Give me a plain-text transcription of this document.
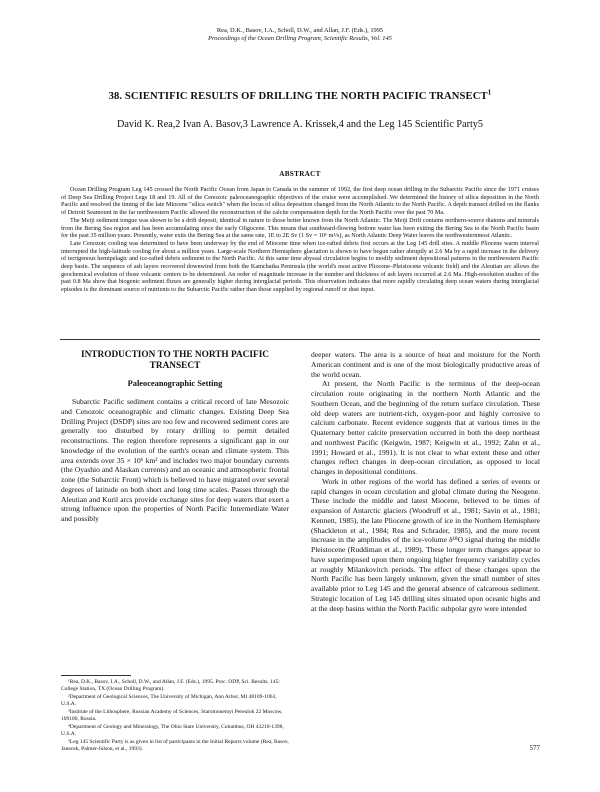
Rea, D.K., Basov, I.A., Scholl, D.W., and Allan, J.F. (Eds.), 1995
Proceedings of the Ocean Drilling Program, Scientific Results, Vol. 145
38. SCIENTIFIC RESULTS OF DRILLING THE NORTH PACIFIC TRANSECT$^1$
David K. Rea,2 Ivan A. Basov,3 Lawrence A. Krissek,4 and the Leg 145 Scientific Party5
ABSTRACT

Ocean Drilling Program Leg 145 crossed the North Pacific Ocean from Japan to Canada in the summer of 1992, the first deep ocean drilling in the Subarctic Pacific since the 1971 cruises of Deep Sea Drilling Project Legs 18 and 19. All of the Cenozoic paleoceanographic objectives of the cruise were accomplished. We determined the history of silica deposition in the North Pacific and resolved the timing of the late Miocene "silica switch" when the locus of silica deposition changed from the North Atlantic to the North Pacific. A depth transect drilled on the flanks of Detroit Seamount in the far northwestern Pacific allowed the reconstruction of the calcite compensation depth for the North Pacific over the past 70 Ma.

The Meiji sediment tongue was shown to be a drift deposit, identical in nature to those better known from the North Atlantic. The Meiji Drift contains northern-source diatoms and minerals from the Bering Sea region and has been accumulating since the early Oligocene. This means that southward-flowing bottom water has been exiting the Bering Sea to the North Pacific basin for the past 35 million years. Presently, water exits the Bering Sea at the same rate, 1E to 2E Sv (1 Sv = 10⁶ m³/s), as North Atlantic Deep Water leaves the northwesternmost Atlantic.

Late Cenozoic cooling was determined to have been underway by the end of Miocene time when ice-rafted debris first occurs at the Leg 145 drill sites. A middle Pliocene warm interval interrupted the high-latitude cooling for about a million years. Large-scale Northern Hemisphere glaciation is shown to have begun rather abruptly at 2.6 Ma by a rapid increase in the delivery of terrigenous hemipelagic and ice-rafted debris sediment to the North Pacific. At this same time abyssal circulation begins to modify sediment depositional patterns in the northwestern Pacific deep basin. The sequence of ash layers recovered downwind from both the Kamchatka Peninsula (the world's most active Pliocene–Pleistocene volcanic field) and the Aleutian arc allows the geochemical evolution of those volcanic centers to be determined. An order of magnitude increase in the number and thickness of ash layers occurred at 2.6 Ma. High-resolution studies of the past 0.8 Ma show that biogenic sediment fluxes are generally higher during interglacial periods. This observation indicates that more rapidly circulating deep ocean waters during interglacial episodes is the dominant source of nutrients to the Subarctic Pacific rather than those supplied by regional runoff or dust input.

INTRODUCTION TO THE NORTH PACIFIC TRANSECT
Paleoceanographic Setting

Subarctic Pacific sediment contains a critical record of late Mesozoic and Cenozoic oceanographic and climatic changes. Existing Deep Sea Drilling Project (DSDP) sites are too few and recovered sediment cores are generally too disturbed by rotary drilling to permit detailed reconstructions. The region therefore represents a significant gap in our knowledge of the evolution of the earth's ocean and climate system. This area extends over 35 × 10⁶ km² and includes two major boundary currents (the Oyashio and Alaskan currents) and an oceanic and atmospheric frontal zone (the Subarctic Front) which is believed to have migrated over several degrees of latitude on both short and long time scales. Passes through the Aleutian and Kuril arcs provide exchange sites for deep waters that exert a strong influence upon the properties of North Pacific Intermediate Water and possibly

deeper waters. The area is a source of heat and moisture for the North American continent and is one of the most biologically productive areas of the world ocean.

At present, the North Pacific is the terminus of the deep-ocean circulation route originating in the northern North Atlantic and the Southern Ocean, and the beginning of the return surface circulation. These old deep waters are nutrient-rich, oxygen-poor and highly corrosive to calcium carbonate. Recent evidence suggests that at various times in the Quaternary better calcite preservation occurred in both the deep northeast and northwest Pacific (Keigwin, 1987; Keigwin et al., 1992; Zahn et al., 1991; Howard et al., 1991). It is not clear to what extent these and other changes reflect changes in deep-ocean circulation, as opposed to local changes in depositional conditions.

Work in other regions of the world has defined a series of events or rapid changes in ocean circulation and global climate during the Neogene. These include the middle and latest Miocene, believed to be times of expansion of Antarctic glaciers (Woodruff et al., 1981; Savin et al., 1981; Kennett, 1985), the late Pliocene growth of ice in the Northern Hemisphere (Shackleton et al., 1984; Rea and Schrader, 1985), and the more recent increase in the amplitudes of the ice-volume δ¹⁸O signal during the middle Pleistocene (Ruddiman et al., 1989). These longer term changes appear to have superimposed upon them ongoing higher frequency variability cycles at roughly Milankovitch periods. The effect of these changes upon the North Pacific has been largely unknown, given the small number of sites available prior to Leg 145 and the general absence of calcareous sediment. Strategic location of Leg 145 drilling sites situated upon oceanic highs and at the deep basins within the North Pacific subpolar gyre were intended

¹Rea, D.K., Basov, I.A., Scholl, D.W., and Allan, J.F. (Eds.), 1995. Proc. ODP, Sci. Results, 145: College Station, TX (Ocean Drilling Program).

²Department of Geological Sciences, The University of Michigan, Ann Arbor, MI 48109-1063, U.S.A.

³Institute of the Lithosphere, Russian Academy of Sciences, Staromonetnyi Pereulok 22 Moscow, 109180, Russia.

⁴Department of Geology and Mineralogy, The Ohio State University, Columbus, OH 43210-1398, U.S.A.

⁵Leg 145 Scientific Party is as given in list of participants in the Initial Reports volume (Rea, Basov, Janecek, Palmer-Julson, et al., 1993).	577
